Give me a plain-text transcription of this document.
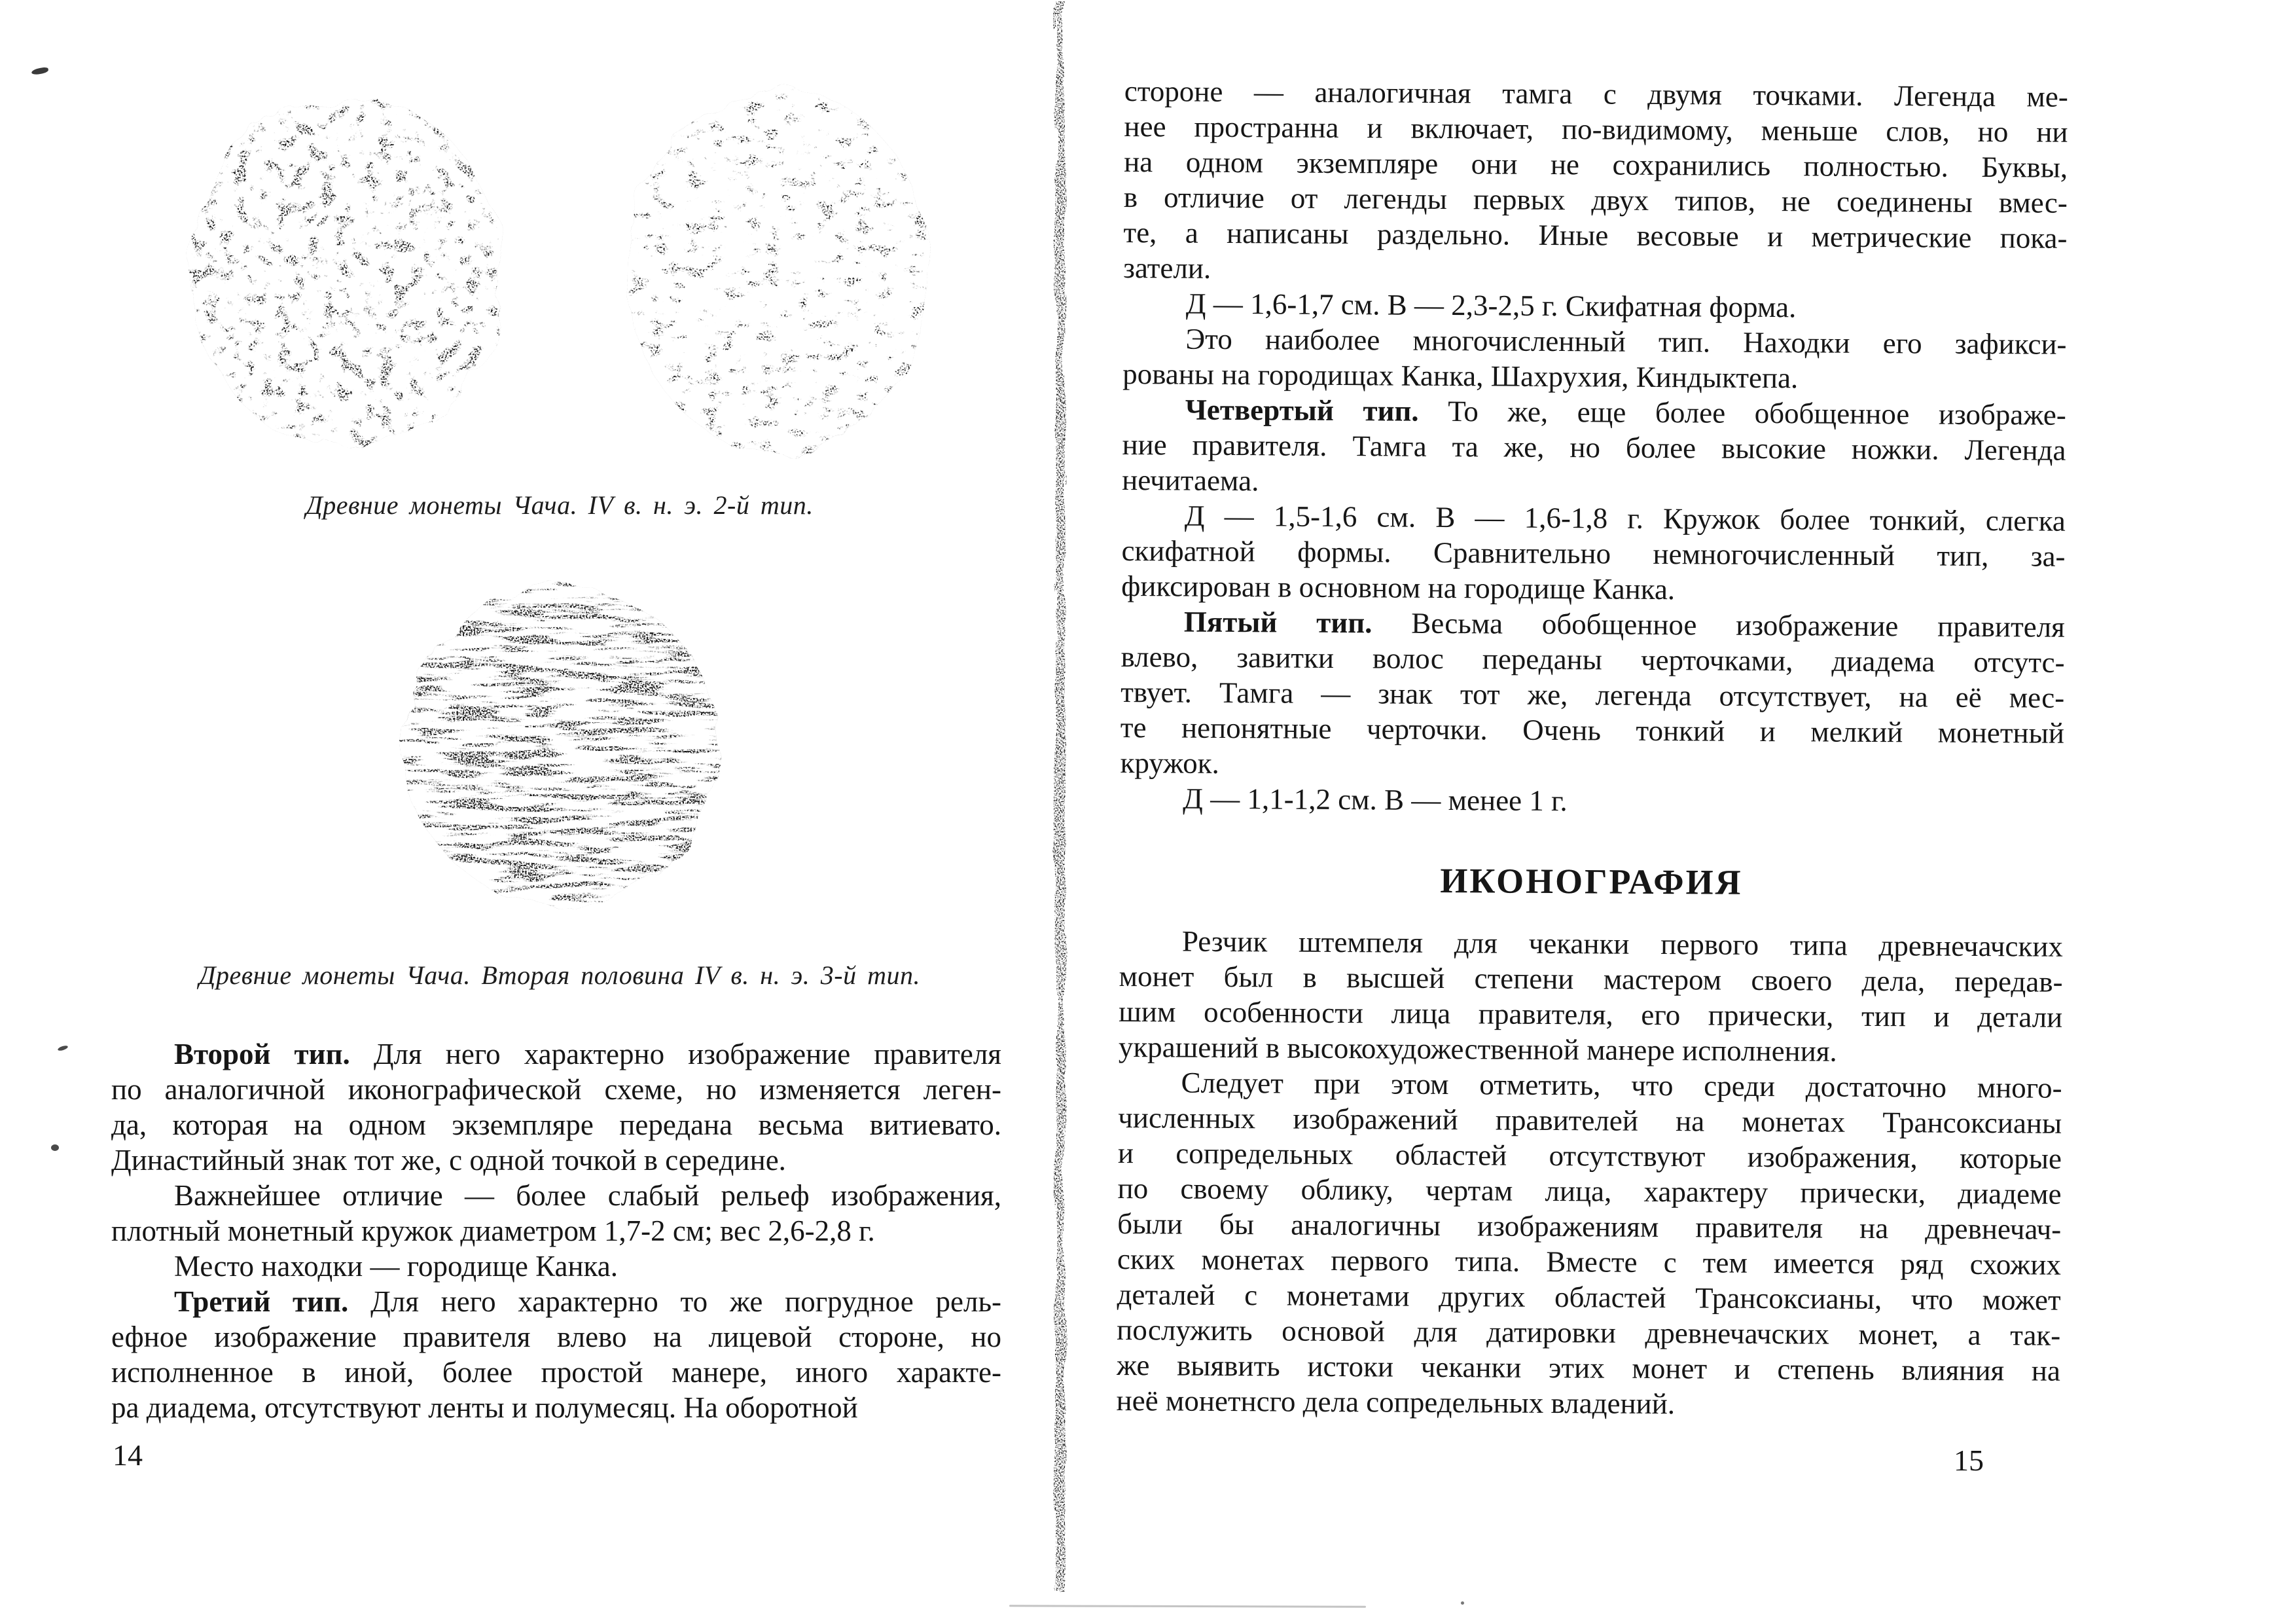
Древние монеты Чача. IV в. н. э. 2-й тип.
Древние монеты Чача. Вторая половина IV в. н. э. 3-й тип.
Второй тип. Для него характерно изображение правителя
по аналогичной иконографической схеме, но изменяется леген-
да, которая на одном экземпляре передана весьма витиевато.
Династийный знак тот же, с одной точкой в середине.
Важнейшее отличие — более слабый рельеф изображения,
плотный монетный кружок диаметром 1,7-2 см; вес 2,6-2,8 г.
Место находки — городище Канка.
Третий тип. Для него характерно то же погрудное рель-
ефное изображение правителя влево на лицевой стороне, но
исполненное в иной, более простой манере, иного характе-
ра диадема, отсутствуют ленты и полумесяц. На оборотной
14
стороне — аналогичная тамга с двумя точками. Легенда ме-
нее пространна и включает, по-видимому, меньше слов, но ни
на одном экземпляре они не сохранились полностью. Буквы,
в отличие от легенды первых двух типов, не соединены вмес-
те, а написаны раздельно. Иные весовые и метрические пока-
затели.
Д — 1,6-1,7 см. В — 2,3-2,5 г. Скифатная форма.
Это наиболее многочисленный тип. Находки его зафикси-
рованы на городищах Канка, Шахрухия, Киндыктепа.
Четвертый тип. То же, еще более обобщенное изображе-
ние правителя. Тамга та же, но более высокие ножки. Легенда
нечитаема.
Д — 1,5-1,6 см. В — 1,6-1,8 г. Кружок более тонкий, слегка
скифатной формы. Сравнительно немногочисленный тип, за-
фиксирован в основном на городище Канка.
Пятый тип. Весьма обобщенное изображение правителя
влево, завитки волос переданы черточками, диадема отсутс-
твует. Тамга — знак тот же, легенда отсутствует, на её мес-
те непонятные черточки. Очень тонкий и мелкий монетный
кружок.
Д — 1,1-1,2 см. В — менее 1 г.
ИКОНОГРАФИЯ
Резчик штемпеля для чеканки первого типа древнечачских
монет был в высшей степени мастером своего дела, передав-
шим особенности лица правителя, его прически, тип и детали
украшений в высокохудожественной манере исполнения.
Следует при этом отметить, что среди достаточно много-
численных изображений правителей на монетах Трансоксианы
и сопредельных областей отсутствуют изображения, которые
по своему облику, чертам лица, характеру прически, диадеме
были бы аналогичны изображениям правителя на древнечач-
ских монетах первого типа. Вместе с тем имеется ряд схожих
деталей с монетами других областей Трансоксианы, что может
послужить основой для датировки древнечачских монет, а так-
же выявить истоки чеканки этих монет и степень влияния на
неё монетнсго дела сопредельных владений.
15
